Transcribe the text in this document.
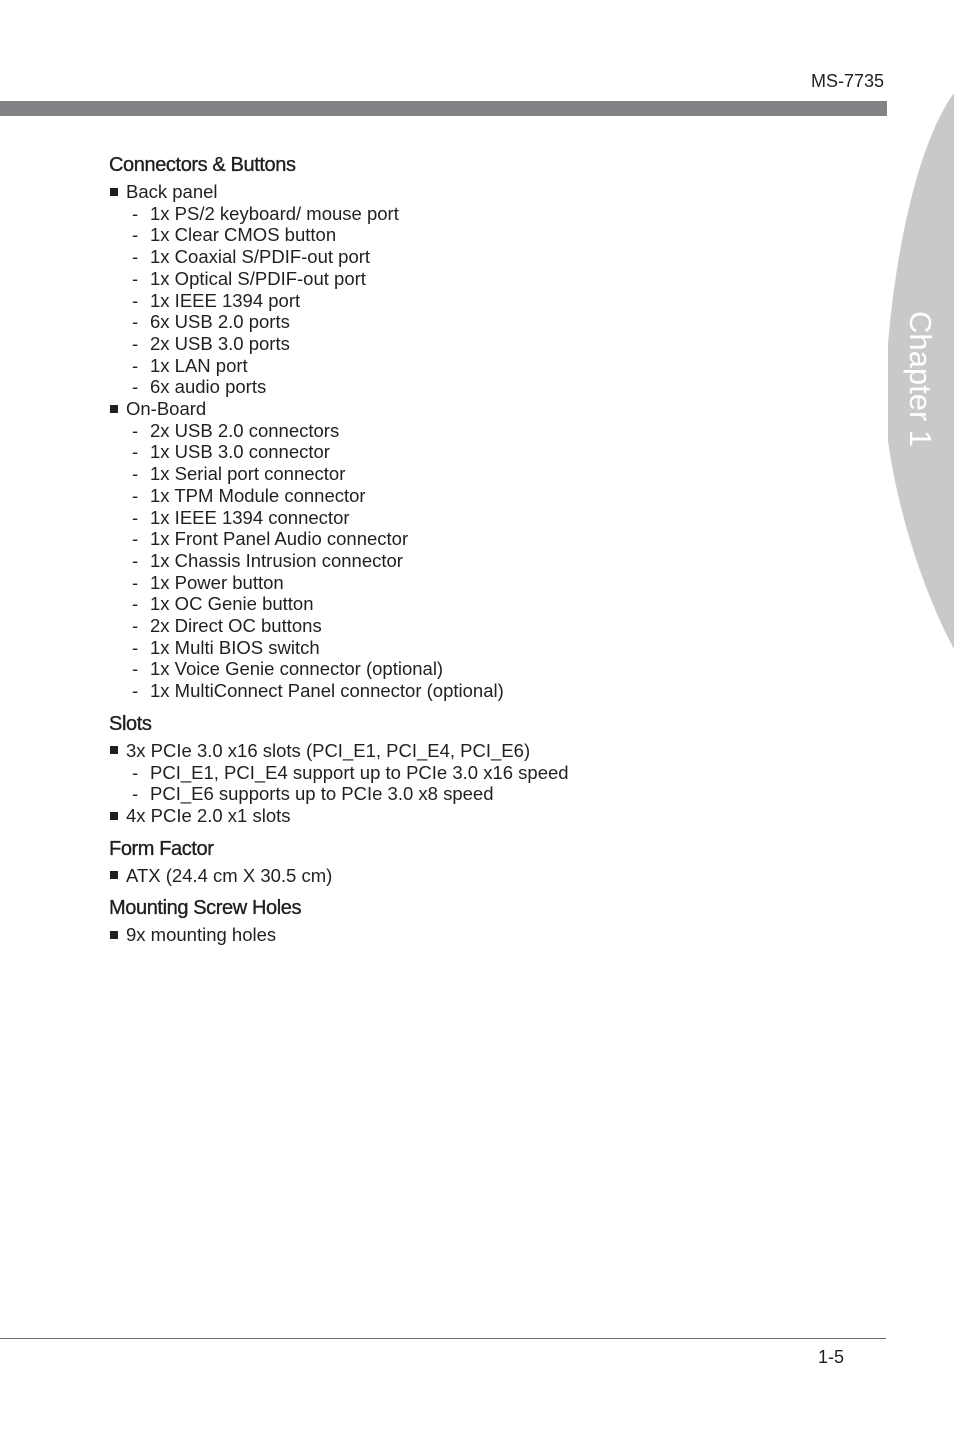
MS-7735
Chapter 1
Connectors & Buttons
Back panel
- 1x PS/2 keyboard/ mouse port
- 1x Clear CMOS button
- 1x Coaxial S/PDIF-out port
- 1x Optical S/PDIF-out port
- 1x IEEE 1394 port
- 6x USB 2.0 ports
- 2x USB 3.0 ports
- 1x LAN port
- 6x audio ports
On-Board
- 2x USB 2.0 connectors
- 1x USB 3.0 connector
- 1x Serial port connector
- 1x TPM Module connector
- 1x IEEE 1394 connector
- 1x Front Panel Audio connector
- 1x Chassis Intrusion connector
- 1x Power button
- 1x OC Genie button
- 2x Direct OC buttons
- 1x Multi BIOS switch
- 1x Voice Genie connector (optional)
- 1x MultiConnect Panel connector (optional)
Slots
3x PCIe 3.0 x16 slots (PCI_E1, PCI_E4, PCI_E6)
- PCI_E1, PCI_E4 support up to PCIe 3.0 x16 speed
- PCI_E6 supports up to PCIe 3.0 x8 speed
4x PCIe 2.0 x1 slots
Form Factor
ATX (24.4 cm X 30.5 cm)
Mounting Screw Holes
9x mounting holes
1-5
